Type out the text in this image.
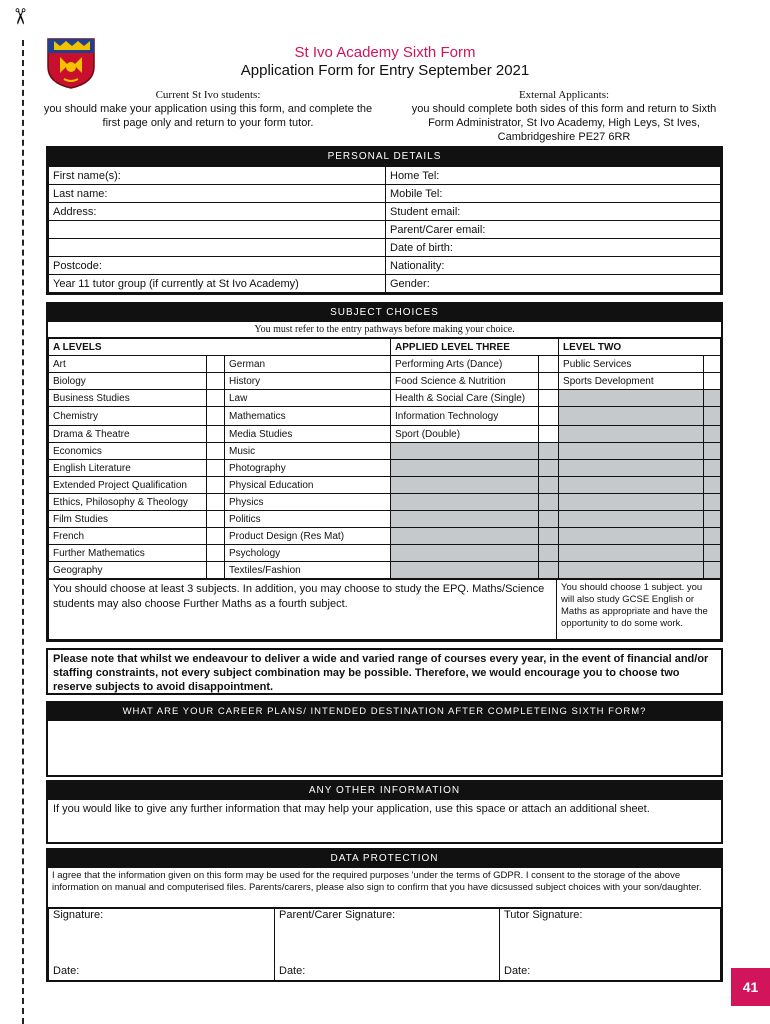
✂
St Ivo Academy Sixth Form
Application Form for Entry September 2021
Current St Ivo students:
you should make your application using this form, and complete the first page only and return to your form tutor.
External Applicants:
you should complete both sides of this form and return to Sixth Form Administrator, St Ivo Academy, High Leys, St Ives, Cambridgeshire PE27 6RR
PERSONAL DETAILS
First name(s):	Home Tel:
Last name:	Mobile Tel:
Address:	Student email:
	Parent/Carer email:
	Date of birth:
Postcode:	Nationality:
Year 11 tutor group (if currently at St Ivo Academy)	Gender:
SUBJECT CHOICES
You must refer to the entry pathways before making your choice.
A LEVELS			APPLIED LEVEL THREE		LEVEL TWO	
Art		German	Performing Arts (Dance)		Public Services	
Biology		History	Food Science & Nutrition		Sports Development	
Business Studies		Law	Health & Social Care (Single)			
Chemistry		Mathematics	Information Technology			
Drama & Theatre		Media Studies	Sport (Double)			
Economics		Music				
English Literature		Photography				
Extended Project Qualification		Physical Education				
Ethics, Philosophy & Theology		Physics				
Film Studies		Politics				
French		Product Design (Res Mat)				
Further Mathematics		Psychology				
Geography		Textiles/Fashion				
You should choose at least 3 subjects. In addition, you may choose to study the EPQ. Maths/Science students may also choose Further Maths as a fourth subject.	You should choose 1 subject. you will also study GCSE English or Maths as appropriate and have the opportunity to do some work.
Please note that whilst we endeavour to deliver a wide and varied range of courses every year, in the event of financial and/or staffing constraints, not every subject combination may be possible. Therefore, we would encourage you to choose two reserve subjects to avoid disappointment.
WHAT ARE YOUR CAREER PLANS/ INTENDED DESTINATION AFTER COMPLETEING SIXTH FORM?
ANY OTHER INFORMATION
If you would like to give any further information that may help your application, use this space or attach an additional sheet.
DATA PROTECTION
I agree that the information given on this form may be used for the required purposes 'under the terms of GDPR. I consent to the storage of the above information on manual and computerised files. Parents/carers, please also sign to confirm that you have dicsussed subject choices with your son/daughter.
Signature:
Date:

Parent/Carer Signature:
Date:

Tutor Signature:
Date:
41
